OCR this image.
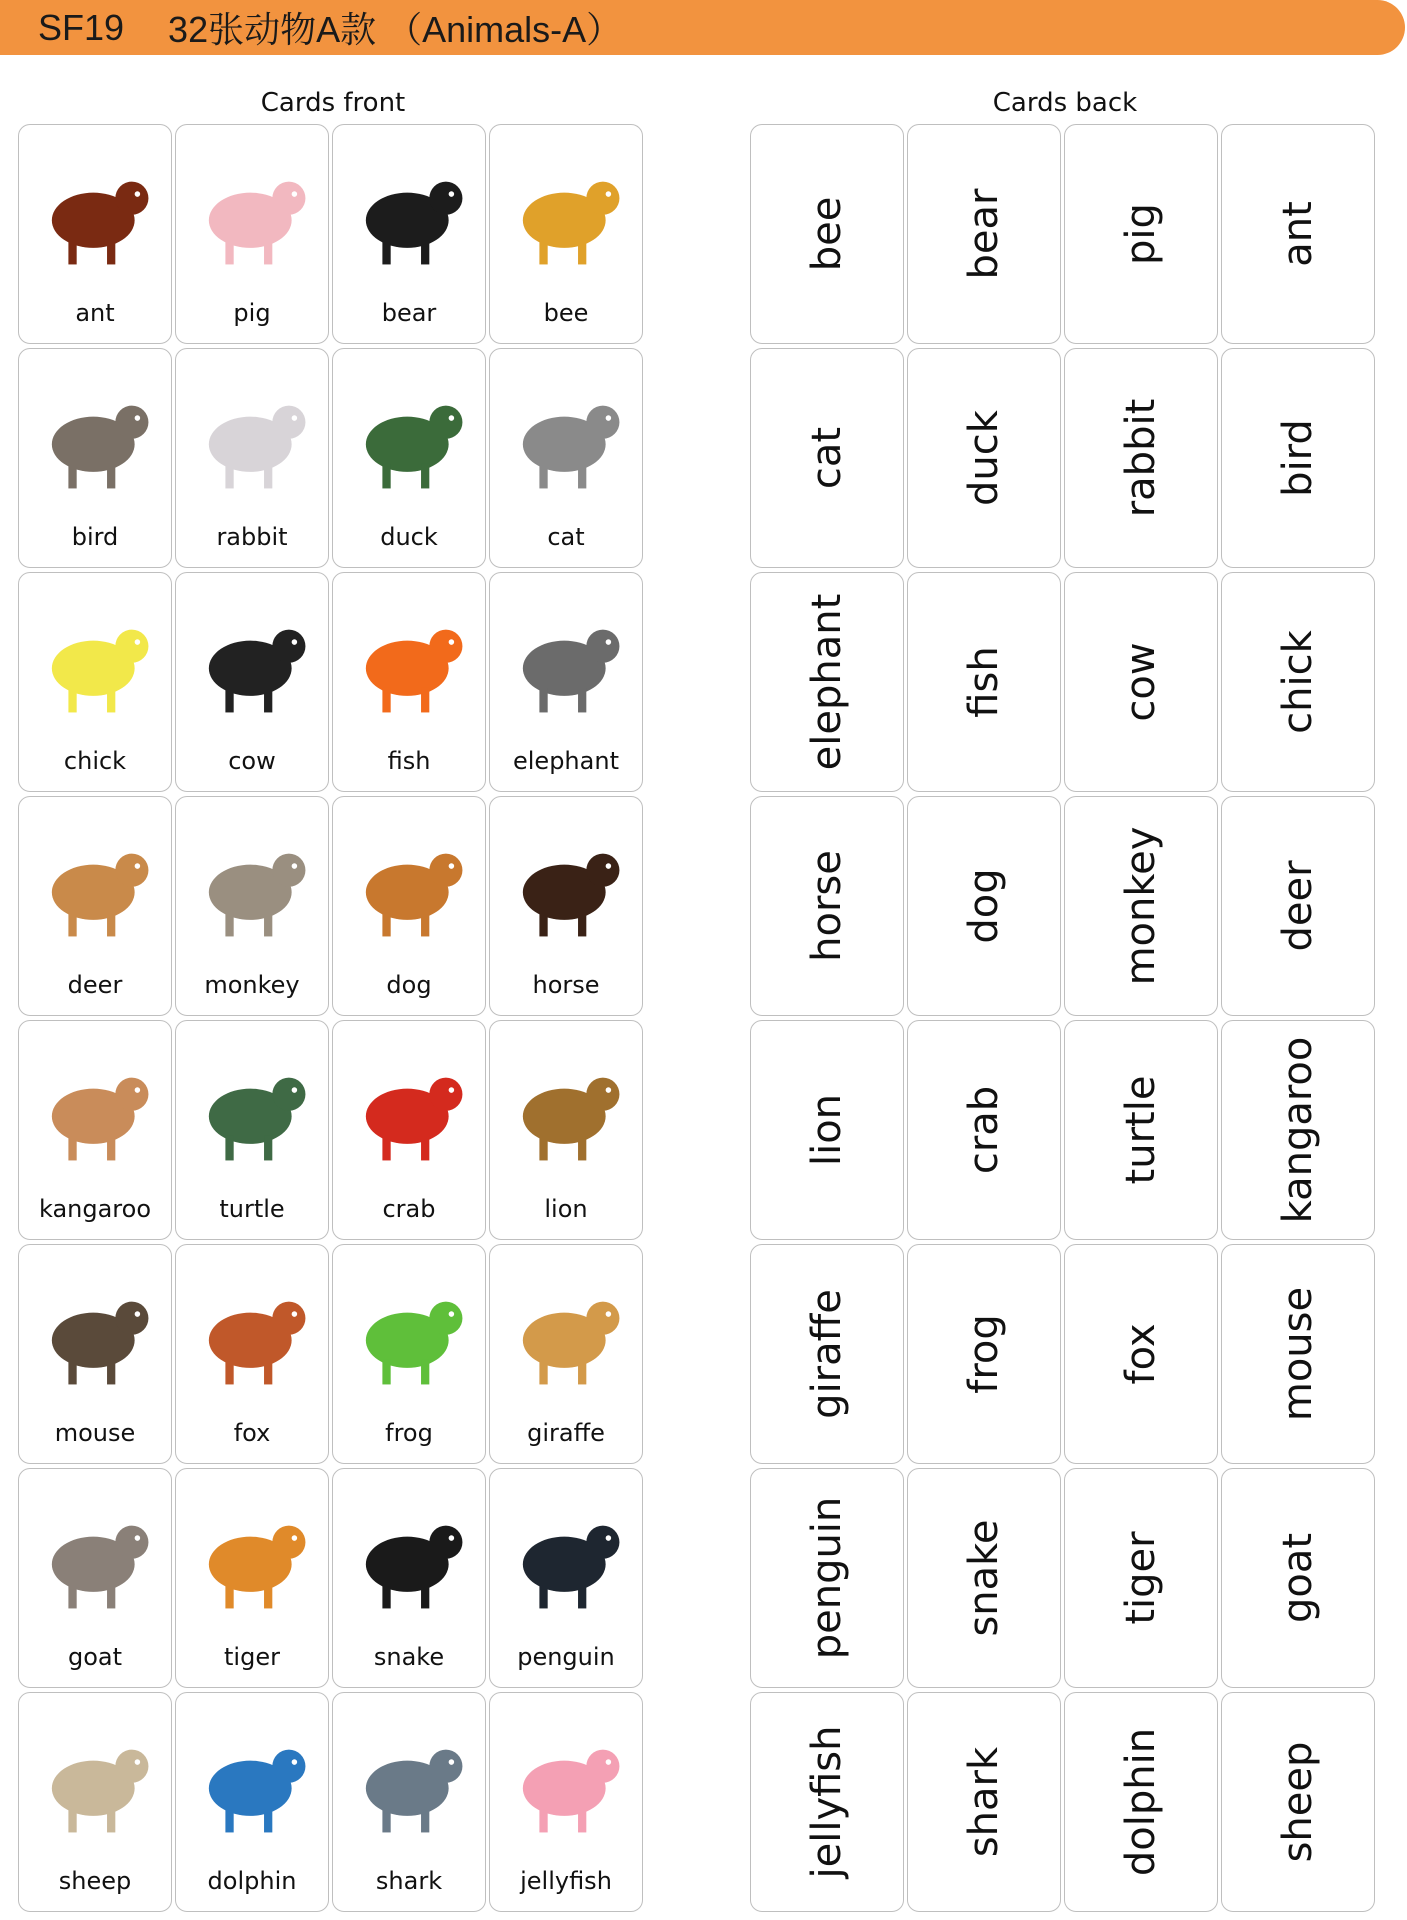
SF19 32张动物A款 （Animals-A）
Cards front	Cards back
ant	pig	bear	bee
bird	rabbit	duck	cat
chick	cow	fish	elephant
deer	monkey	dog	horse
kangaroo	turtle	crab	lion
mouse	fox	frog	giraffe
goat	tiger	snake	penguin
sheep	dolphin	shark	jellyfish
bee	bear	pig	ant
cat	duck	rabbit	bird
elephant	fish	cow	chick
horse	dog	monkey	deer
lion	crab	turtle	kangaroo
giraffe	frog	fox	mouse
penguin	snake	tiger	goat
jellyfish	shark	dolphin	sheep
